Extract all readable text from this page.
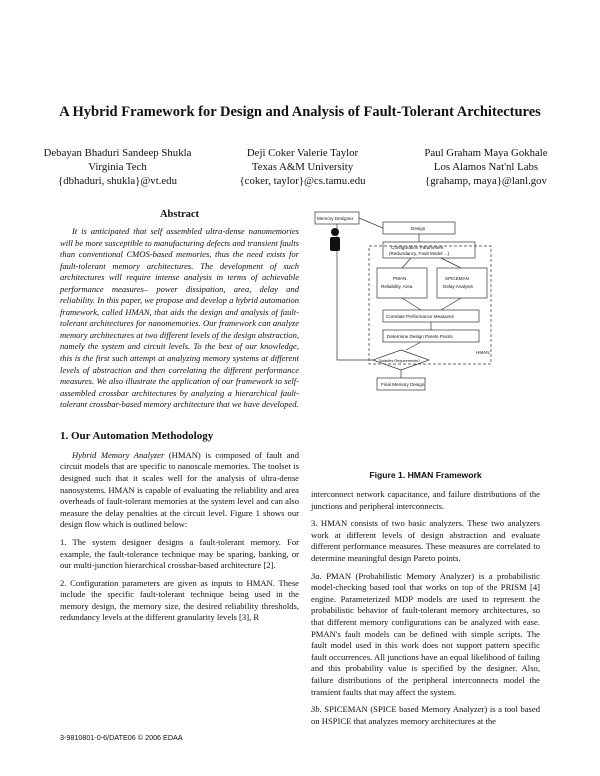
A Hybrid Framework for Design and Analysis of Fault-Tolerant Architectures
Debayan Bhaduri Sandeep Shukla
Virginia Tech
{dbhaduri, shukla}@vt.edu
Deji Coker Valerie Taylor
Texas A&M University
{coker, taylor}@cs.tamu.edu
Paul Graham Maya Gokhale
Los Alamos Nat'nl Labs
{grahamp, maya}@lanl.gov
Abstract

It is anticipated that self assembled ultra-dense nanomemories will be more susceptible to manufacturing defects and transient faults than conventional CMOS-based memories, thus the need exists for fault-tolerant memory architectures. The development of such architectures will require intense analysis in terms of achievable performance measures– power dissipation, area, delay and reliability. In this paper, we propose and develop a hybrid automation framework, called HMAN, that aids the design and analysis of fault-tolerant architectures for nanomemories. Our framework can analyze memory architectures at two different levels of the design abstraction, namely the system and circuit levels. To the best of our knowledge, this is the first such attempt at analyzing memory systems at different levels of abstraction and then correlating the different performance measures. We also illustrate the application of our framework to self-assembled crossbar architectures by analyzing a hierarchical fault-tolerant crossbar-based memory architecture that we have developed.

1. Our Automation Methodology

Hybrid Memory Analyzer (HMAN) is composed of fault and circuit models that are specific to nanoscale memories. The toolset is designed such that it scales well for the analysis of ultra-dense nanosystems. HMAN is capable of evaluating the reliability and area overheads of fault-tolerant memories at the system level and can also measure the delay penalties at the circuit level. Figure 1 shows our design flow which is outlined below:

1. The system designer designs a fault-tolerant memory. For example, the fault-tolerance technique may be sparing, banking, or our multi-junction hierarchical crossbar-based architecture [2].

2. Configuration parameters are given as inputs to HMAN. These include the specific fault-tolerant technique being used in the memory design, the memory size, the desired reliability thresholds, redundancy levels at the different granularity levels [3], R

Memory Designer
Design
Configuration Parameters
(Redundancy, Fault Model ...)
PMAN
Reliability, Area
SPICEMAN
Delay Analysis
Correlate Performance Measures
Determine Design Pareto Points
HMAN
Satisfies Requirements?
Final Memory Design
Figure 1. HMAN Framework

interconnect network capacitance, and failure distributions of the junctions and peripheral interconnects.

3. HMAN consists of two basic analyzers. These two analyzers work at different levels of design abstraction and evaluate different performance measures. These measures are correlated to determine meaningful design Pareto points.

3a. PMAN (Probabilistic Memory Analyzer) is a probabilistic model-checking based tool that works on top of the PRISM [4] engine. Parameterized MDP models are used to represent the probabilistic behavior of fault-tolerant memory architectures, so that different memory configurations can be analyzed with ease. PMAN's fault models can be defined with simple scripts. The fault model used in this work does not support pattern specific fault occurrences. All junctions have an equal likelihood of failing and this probability value is specified by the designer. Also, failure distributions of the peripheral interconnects model the transient faults that may affect the system.

3b. SPICEMAN (SPICE based Memory Analyzer) is a tool based on HSPICE that analyzes memory architectures at the

3-9810801-0-6/DATE06 © 2006 EDAA
